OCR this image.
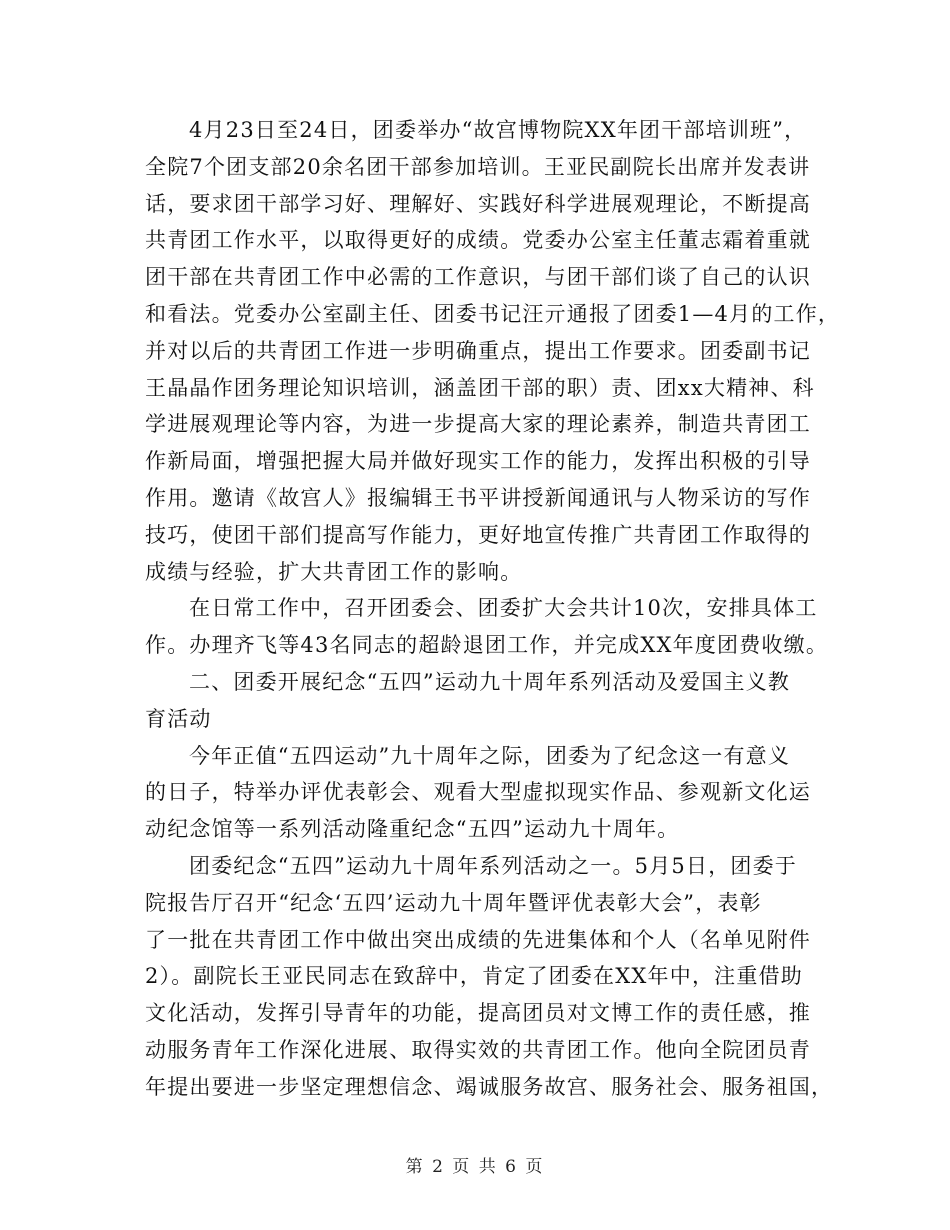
4月23日至24日，团委举办“故宫博物院XX年团干部培训班”，
全院7个团支部20余名团干部参加培训。王亚民副院长出席并发表讲
话，要求团干部学习好、理解好、实践好科学进展观理论，不断提高
共青团工作水平，以取得更好的成绩。党委办公室主任董志霜着重就
团干部在共青团工作中必需的工作意识，与团干部们谈了自己的认识
和看法。党委办公室副主任、团委书记汪亓通报了团委1—4月的工作，
并对以后的共青团工作进一步明确重点，提出工作要求。团委副书记
王晶晶作团务理论知识培训，涵盖团干部的职）责、团xx大精神、科
学进展观理论等内容，为进一步提高大家的理论素养，制造共青团工
作新局面，增强把握大局并做好现实工作的能力，发挥出积极的引导
作用。邀请《故宫人》报编辑王书平讲授新闻通讯与人物采访的写作
技巧，使团干部们提高写作能力，更好地宣传推广共青团工作取得的
成绩与经验，扩大共青团工作的影响。
在日常工作中，召开团委会、团委扩大会共计10次，安排具体工
作。办理齐飞等43名同志的超龄退团工作，并完成XX年度团费收缴。
二、团委开展纪念“五四”运动九十周年系列活动及爱国主义教
育活动
今年正值“五四运动”九十周年之际，团委为了纪念这一有意义
的日子，特举办评优表彰会、观看大型虚拟现实作品、参观新文化运
动纪念馆等一系列活动隆重纪念“五四”运动九十周年。
团委纪念“五四”运动九十周年系列活动之一。5月5日，团委于
院报告厅召开“纪念‘五四’运动九十周年暨评优表彰大会”，表彰
了一批在共青团工作中做出突出成绩的先进集体和个人（名单见附件
2）。副院长王亚民同志在致辞中，肯定了团委在XX年中，注重借助
文化活动，发挥引导青年的功能，提高团员对文博工作的责任感，推
动服务青年工作深化进展、取得实效的共青团工作。他向全院团员青
年提出要进一步坚定理想信念、竭诚服务故宫、服务社会、服务祖国，
第 2 页 共 6 页
